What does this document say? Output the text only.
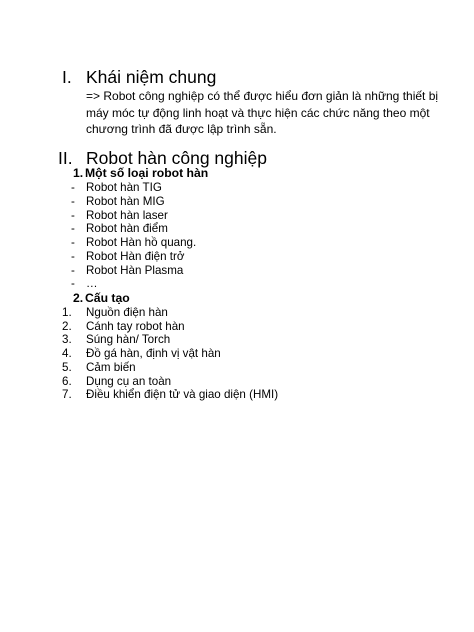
I. Khái niệm chung
=> Robot công nghiệp có thể được hiểu đơn giản là những thiết bị
máy móc tự động linh hoạt và thực hiện các chức năng theo một
chương trình đã được lập trình sẵn.
II. Robot hàn công nghiệp
1. Một số loại robot hàn
- Robot hàn TIG
- Robot hàn MIG
- Robot hàn laser
- Robot hàn điểm
- Robot Hàn hồ quang.
- Robot Hàn điện trở
- Robot Hàn Plasma
- …
2. Cấu tạo
1. Nguồn điện hàn
2. Cánh tay robot hàn
3. Súng hàn/ Torch
4. Đồ gá hàn, định vị vật hàn
5. Cảm biến
6. Dụng cụ an toàn
7. Điều khiển điện tử và giao diện (HMI)
